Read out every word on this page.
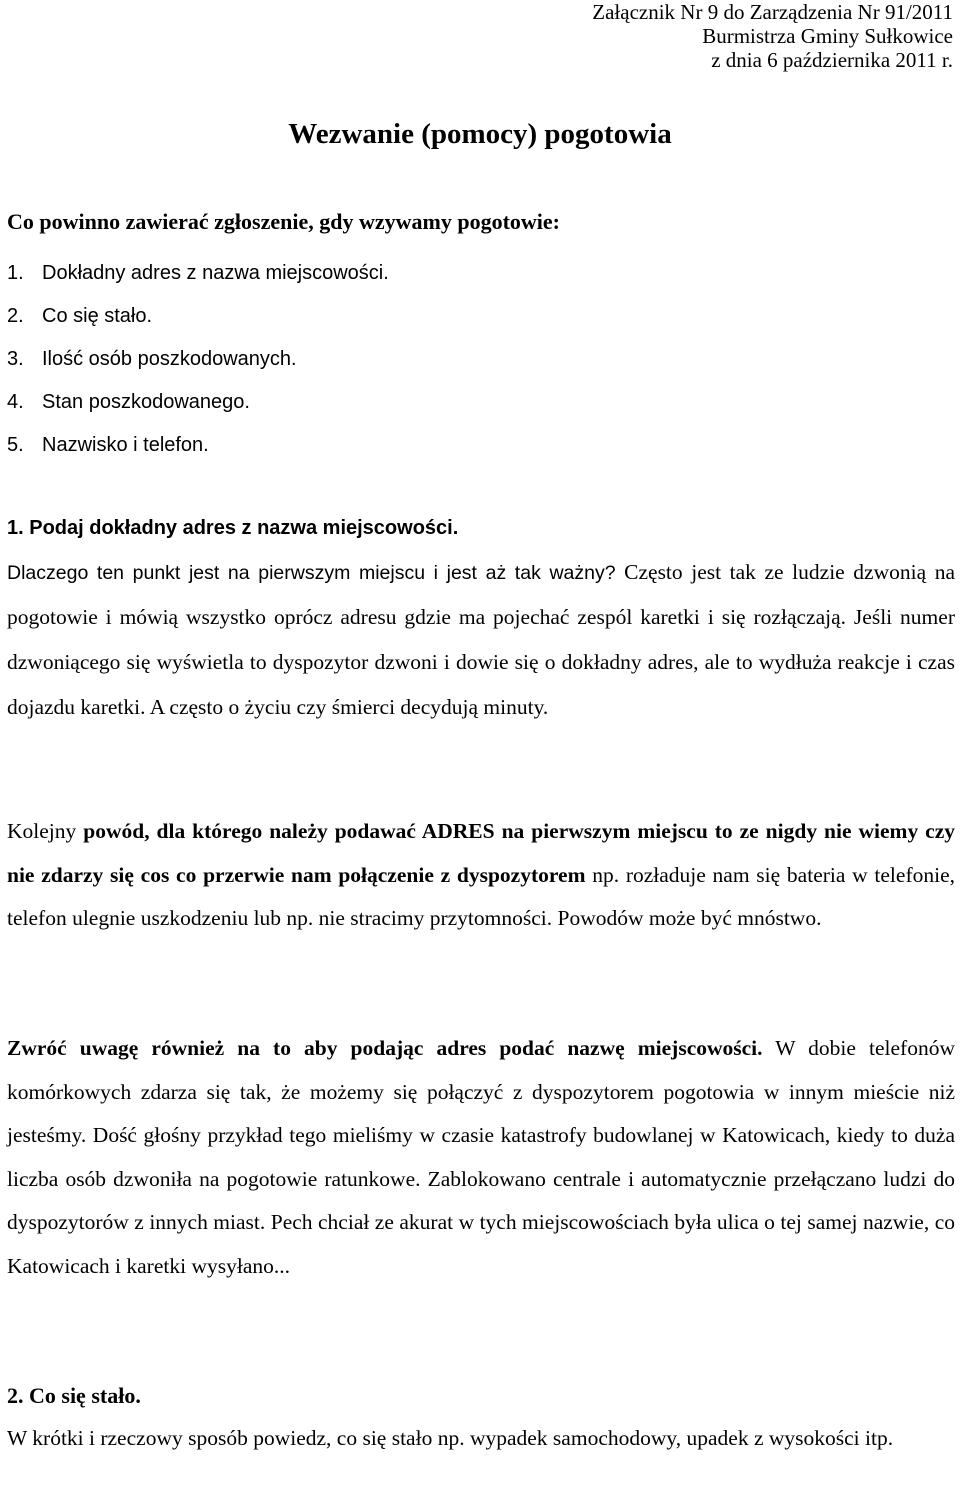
Załącznik Nr 9 do Zarządzenia Nr 91/2011
Burmistrza Gminy Sułkowice
z dnia 6 października 2011 r.
Wezwanie (pomocy) pogotowia
Co powinno zawierać zgłoszenie, gdy wzywamy pogotowie:
1. Dokładny adres z nazwa miejscowości.
2. Co się stało.
3. Ilość osób poszkodowanych.
4. Stan poszkodowanego.
5. Nazwisko i telefon.
1. Podaj dokładny adres z nazwa miejscowości.

Dlaczego ten punkt jest na pierwszym miejscu i jest aż tak ważny? Często jest tak ze ludzie dzwonią na pogotowie i mówią wszystko oprócz adresu gdzie ma pojechać zespól karetki i się rozłączają. Jeśli numer dzwoniącego się wyświetla to dyspozytor dzwoni i dowie się o dokładny adres, ale to wydłuża reakcje i czas dojazdu karetki. A często o życiu czy śmierci decydują minuty.

Kolejny powód, dla którego należy podawać ADRES na pierwszym miejscu to ze nigdy nie wiemy czy nie zdarzy się cos co przerwie nam połączenie z dyspozytorem np. rozładuje nam się bateria w telefonie, telefon ulegnie uszkodzeniu lub np. nie stracimy przytomności. Powodów może być mnóstwo.

Zwróć uwagę również na to aby podając adres podać nazwę miejscowości. W dobie telefonów komórkowych zdarza się tak, że możemy się połączyć z dyspozytorem pogotowia w innym mieście niż jesteśmy. Dość głośny przykład tego mieliśmy w czasie katastrofy budowlanej w Katowicach, kiedy to duża liczba osób dzwoniła na pogotowie ratunkowe. Zablokowano centrale i automatycznie przełączano ludzi do dyspozytorów z innych miast. Pech chciał ze akurat w tych miejscowościach była ulica o tej samej nazwie, co Katowicach i karetki wysyłano...

2. Co się stało.

W krótki i rzeczowy sposób powiedz, co się stało np. wypadek samochodowy, upadek z wysokości itp.
